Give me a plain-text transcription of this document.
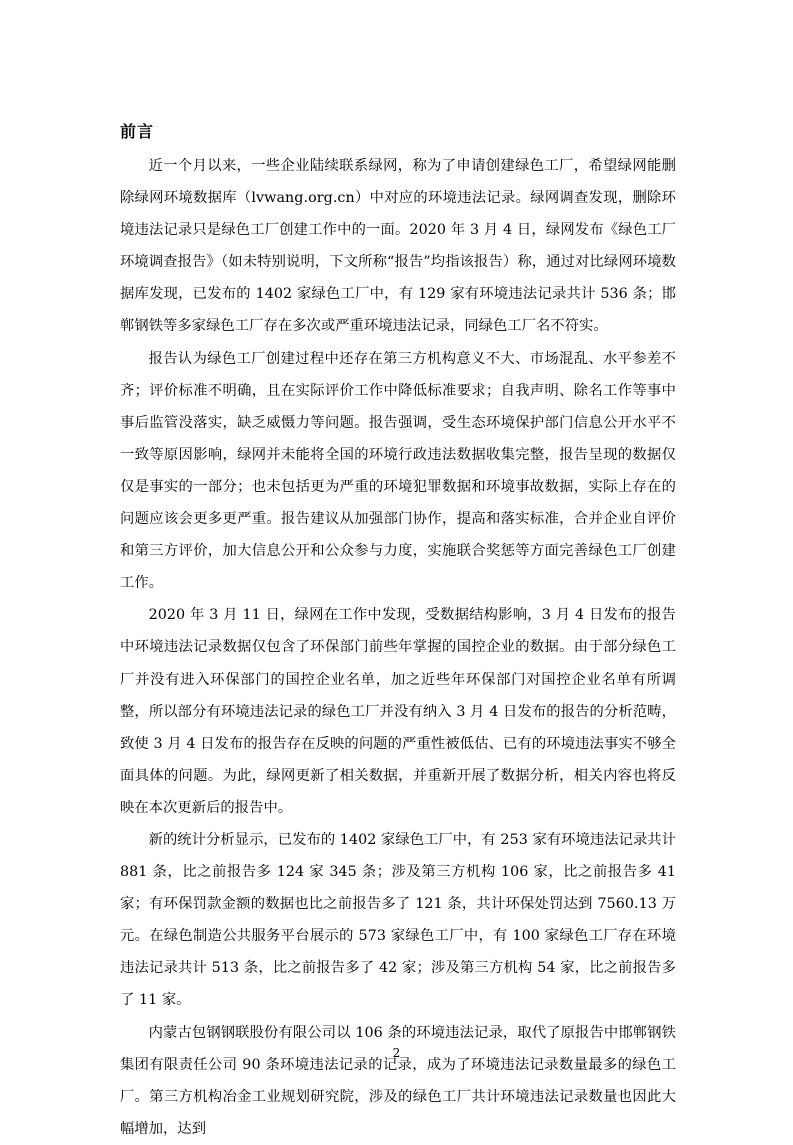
前言

近一个月以来，一些企业陆续联系绿网，称为了申请创建绿色工厂，希望绿网能删除绿网环境数据库（lvwang.org.cn）中对应的环境违法记录。绿网调查发现，删除环境违法记录只是绿色工厂创建工作中的一面。2020 年 3 月 4 日，绿网发布《绿色工厂环境调查报告》（如未特别说明，下文所称“报告”均指该报告）称，通过对比绿网环境数据库发现，已发布的 1402 家绿色工厂中，有 129 家有环境违法记录共计 536 条；邯郸钢铁等多家绿色工厂存在多次或严重环境违法记录，同绿色工厂名不符实。

报告认为绿色工厂创建过程中还存在第三方机构意义不大、市场混乱、水平参差不齐；评价标准不明确，且在实际评价工作中降低标准要求；自我声明、除名工作等事中事后监管没落实，缺乏威慑力等问题。报告强调，受生态环境保护部门信息公开水平不一致等原因影响，绿网并未能将全国的环境行政违法数据收集完整，报告呈现的数据仅仅是事实的一部分；也未包括更为严重的环境犯罪数据和环境事故数据，实际上存在的问题应该会更多更严重。报告建议从加强部门协作，提高和落实标准，合并企业自评价和第三方评价，加大信息公开和公众参与力度，实施联合奖惩等方面完善绿色工厂创建工作。

2020 年 3 月 11 日，绿网在工作中发现，受数据结构影响，3 月 4 日发布的报告中环境违法记录数据仅包含了环保部门前些年掌握的国控企业的数据。由于部分绿色工厂并没有进入环保部门的国控企业名单，加之近些年环保部门对国控企业名单有所调整，所以部分有环境违法记录的绿色工厂并没有纳入 3 月 4 日发布的报告的分析范畴，致使 3 月 4 日发布的报告存在反映的问题的严重性被低估、已有的环境违法事实不够全面具体的问题。为此，绿网更新了相关数据，并重新开展了数据分析，相关内容也将反映在本次更新后的报告中。

新的统计分析显示，已发布的 1402 家绿色工厂中，有 253 家有环境违法记录共计 881 条，比之前报告多 124 家 345 条；涉及第三方机构 106 家，比之前报告多 41 家；有环保罚款金额的数据也比之前报告多了 121 条，共计环保处罚达到 7560.13 万元。在绿色制造公共服务平台展示的 573 家绿色工厂中，有 100 家绿色工厂存在环境违法记录共计 513 条，比之前报告多了 42 家；涉及第三方机构 54 家，比之前报告多了 11 家。

内蒙古包钢钢联股份有限公司以 106 条的环境违法记录，取代了原报告中邯郸钢铁集团有限责任公司 90 条环境违法记录的记录，成为了环境违法记录数量最多的绿色工厂。第三方机构冶金工业规划研究院，涉及的绿色工厂共计环境违法记录数量也因此大幅增加，达到

2
